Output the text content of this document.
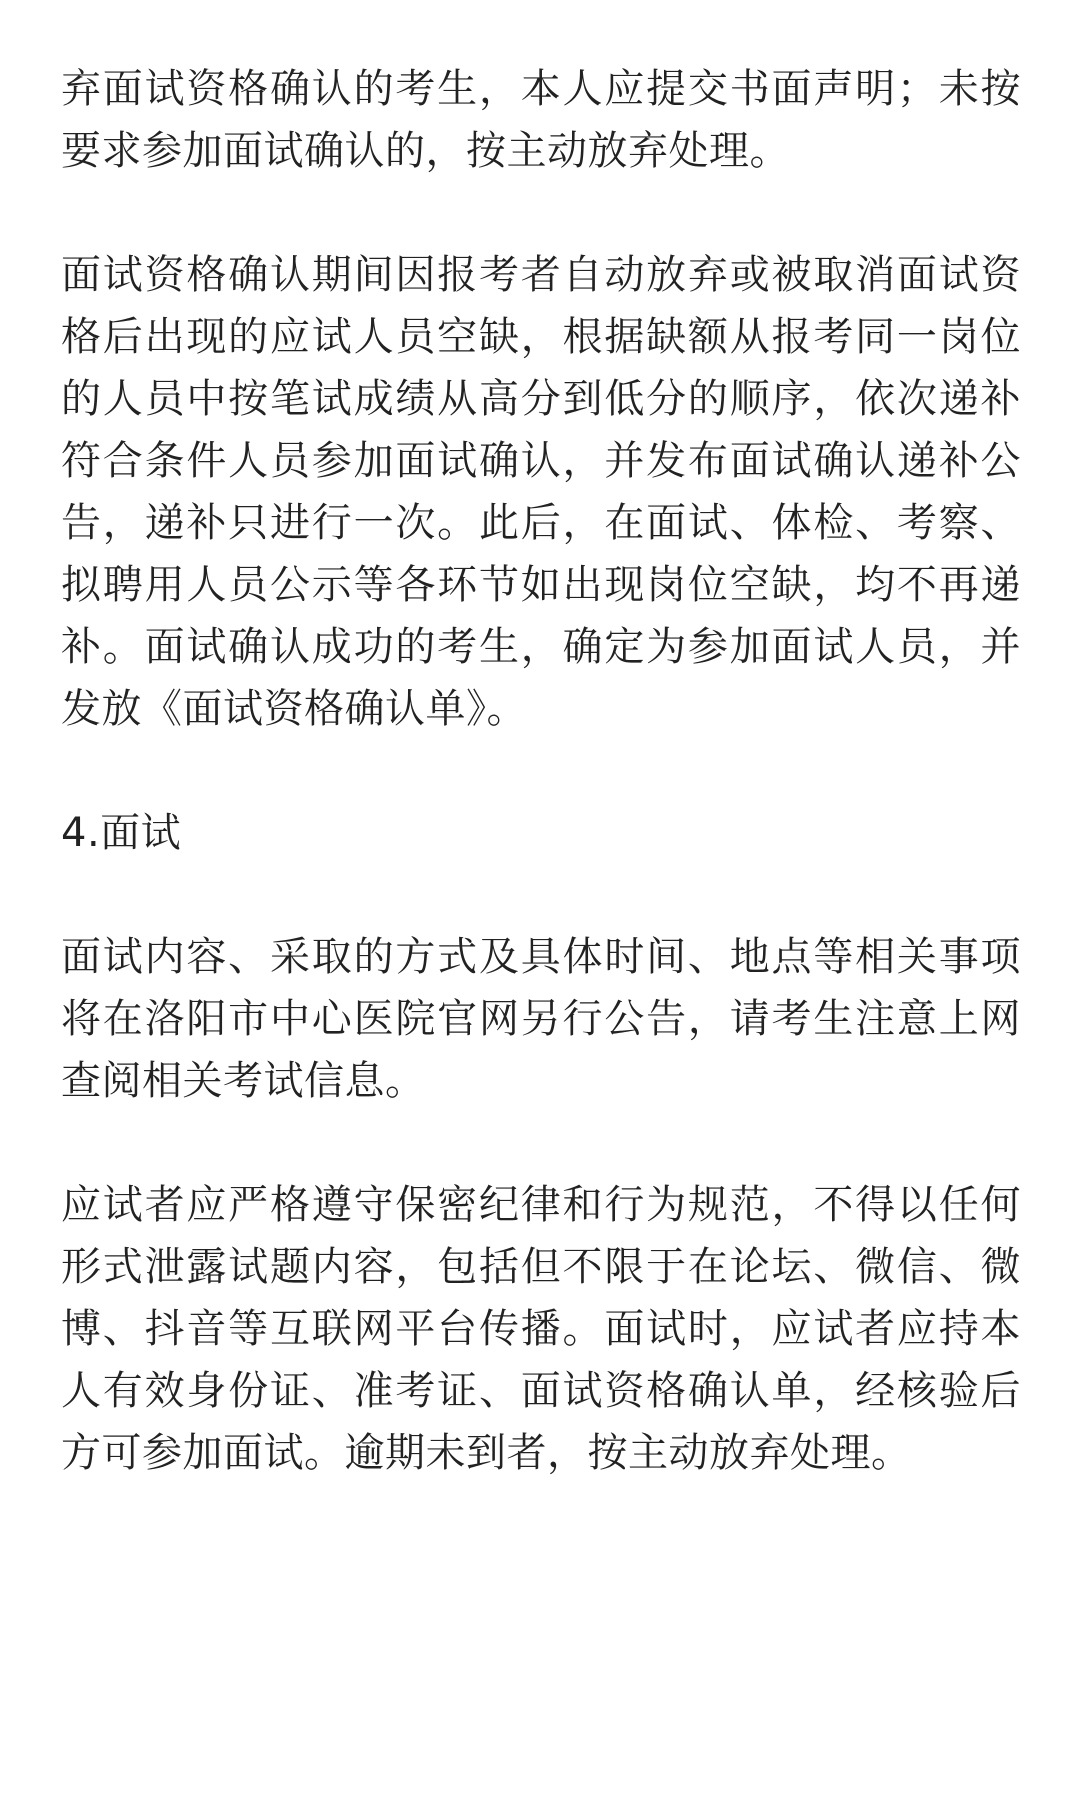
弃面试资格确认的考生，本人应提交书面声明；未按要求参加面试确认的，按主动放弃处理。

面试资格确认期间因报考者自动放弃或被取消面试资格后出现的应试人员空缺，根据缺额从报考同一岗位的人员中按笔试成绩从高分到低分的顺序，依次递补符合条件人员参加面试确认，并发布面试确认递补公告，递补只进行一次。此后，在面试、体检、考察、拟聘用人员公示等各环节如出现岗位空缺，均不再递补。面试确认成功的考生，确定为参加面试人员，并发放《面试资格确认单》。

4.面试

面试内容、采取的方式及具体时间、地点等相关事项将在洛阳市中心医院官网另行公告，请考生注意上网查阅相关考试信息。

应试者应严格遵守保密纪律和行为规范，不得以任何形式泄露试题内容，包括但不限于在论坛、微信、微博、抖音等互联网平台传播。面试时，应试者应持本人有效身份证、准考证、面试资格确认单，经核验后方可参加面试。逾期未到者，按主动放弃处理。
